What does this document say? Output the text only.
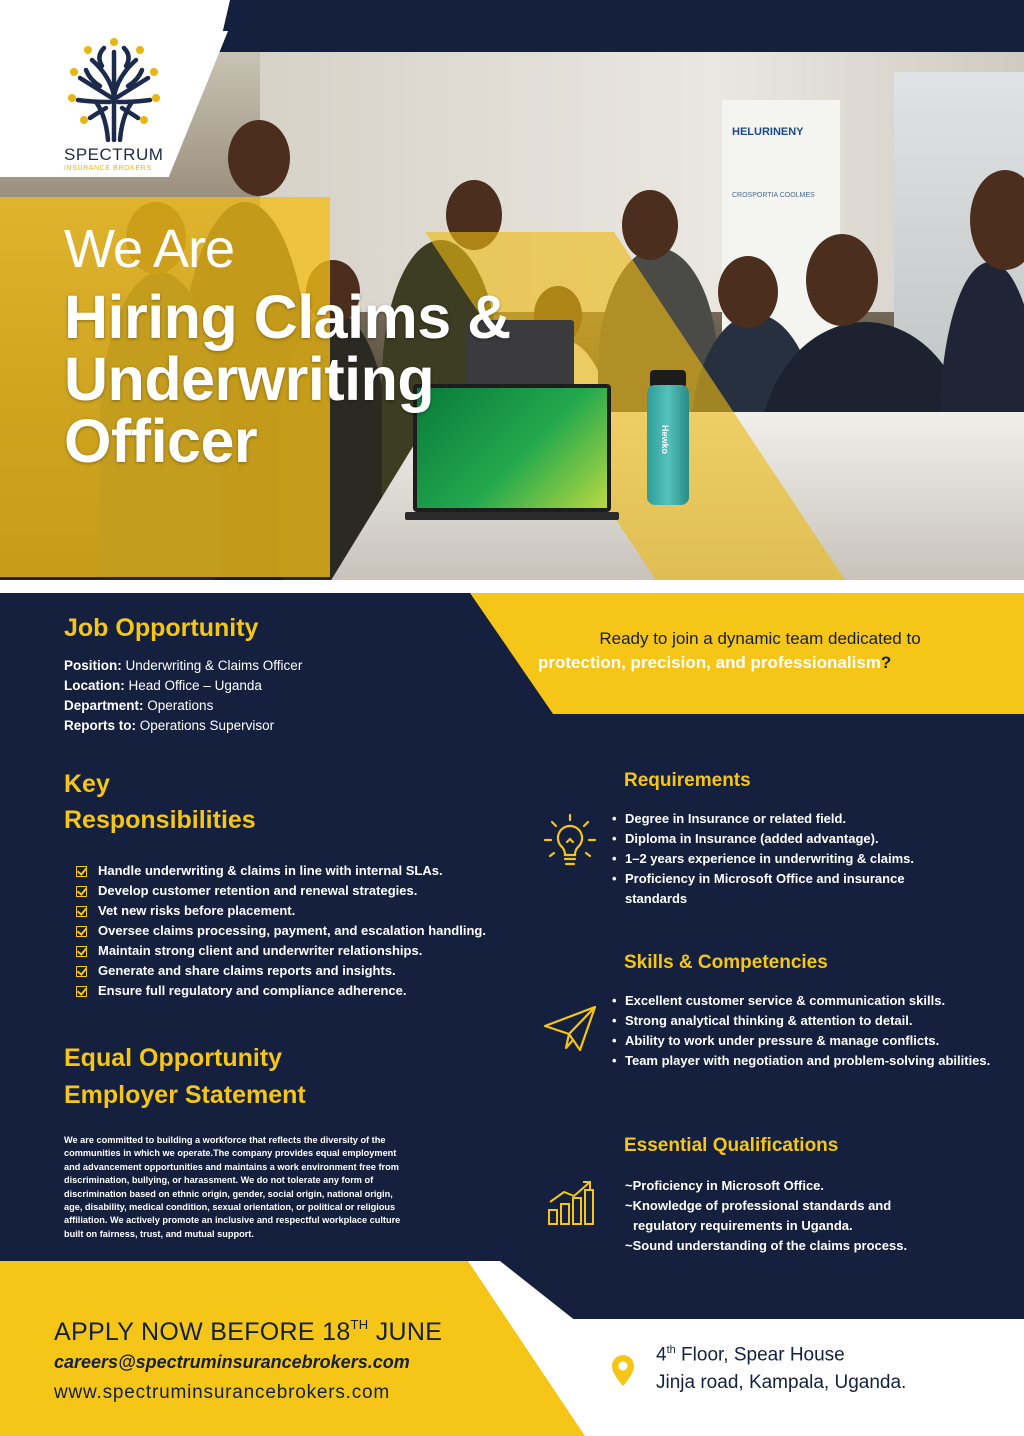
HELURINENY
CROSPORTIA COOLMES
Hewko
SPECTRUM
INSURANCE BROKERS
We Are
Hiring Claims & Underwriting Officer
Ready to join a dynamic team dedicated to
protection, precision, and professionalism?
Job Opportunity
Position: Underwriting & Claims Officer
Location: Head Office – Uganda
Department: Operations
Reports to: Operations Supervisor
Key
Responsibilities
Handle underwriting & claims in line with internal SLAs.
Develop customer retention and renewal strategies.
Vet new risks before placement.
Oversee claims processing, payment, and escalation handling.
Maintain strong client and underwriter relationships.
Generate and share claims reports and insights.
Ensure full regulatory and compliance adherence.
Equal Opportunity
Employer Statement
We are committed to building a workforce that reflects the diversity of the
communities in which we operate.The company provides equal employment
and advancement opportunities and maintains a work environment free from
discrimination, bullying, or harassment. We do not tolerate any form of
discrimination based on ethnic origin, gender, social origin, national origin,
age, disability, medical condition, sexual orientation, or political or religious
affiliation. We actively promote an inclusive and respectful workplace culture
built on fairness, trust, and mutual support.
Requirements
• Degree in Insurance or related field.
• Diploma in Insurance (added advantage).
• 1–2 years experience in underwriting & claims.
• Proficiency in Microsoft Office and insurance standards
Skills & Competencies
• Excellent customer service & communication skills.
• Strong analytical thinking & attention to detail.
• Ability to work under pressure & manage conflicts.
• Team player with negotiation and problem-solving abilities.
Essential Qualifications
~Proficiency in Microsoft Office.
~Knowledge of professional standards and
regulatory requirements in Uganda.
~Sound understanding of the claims process.
APPLY NOW BEFORE 18TH JUNE
careers@spectruminsurancebrokers.com
www.spectruminsurancebrokers.com
4th Floor, Spear House
Jinja road, Kampala, Uganda.
